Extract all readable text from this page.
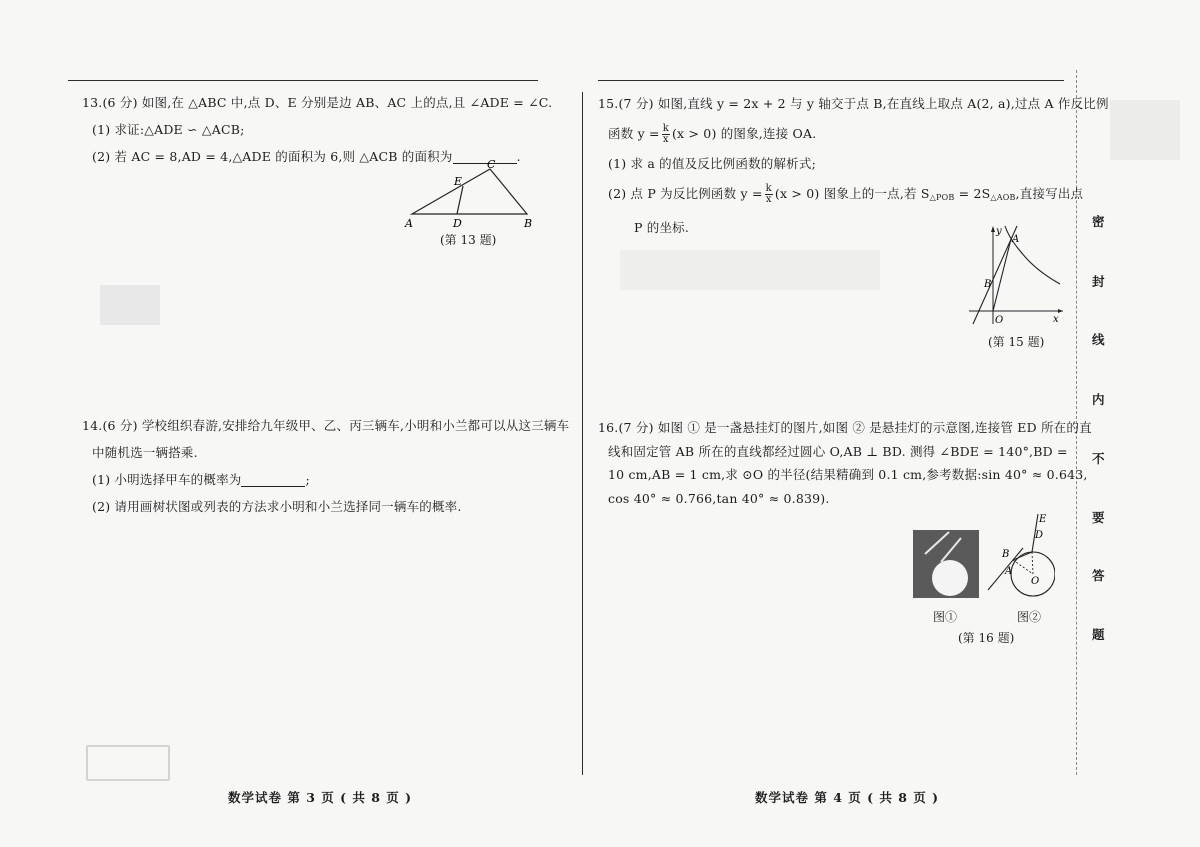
13.(6 分) 如图,在 △ABC 中,点 D、E 分别是边 AB、AC 上的点,且 ∠ADE = ∠C.

(1) 求证:△ADE ∽ △ACB;

(2) 若 AC = 8,AD = 4,△ADE 的面积为 6,则 △ACB 的面积为	.

A	B
C
D
E
(第 13 题)

14.(6 分) 学校组织春游,安排给九年级甲、乙、丙三辆车,小明和小兰都可以从这三辆车

中随机选一辆搭乘.

(1) 小明选择甲车的概率为	;

(2) 请用画树状图或列表的方法求小明和小兰选择同一辆车的概率.

15.(7 分) 如图,直线 y = 2x + 2 与 y 轴交于点 B,在直线上取点 A(2, a),过点 A 作反比例

函数 $y = \frac{k}{x} (x > 0)$ 的图象,连接 OA.

(1) 求 a 的值及反比例函数的解析式;

(2) 点 P 为反比例函数 $y = \frac{k}{x} (x > 0)$ 图象上的一点,若 $S_{\triangle POB} = 2S_{\triangle AOB}$,直接写出点

P 的坐标.	y
x
A
B
O
(第 15 题)

16.(7 分) 如图 ① 是一盏悬挂灯的图片,如图 ② 是悬挂灯的示意图,连接管 ED 所在的直

线和固定管 AB 所在的直线都经过圆心 O,AB ⊥ BD. 测得 ∠BDE = 140°,BD =

10 cm,AB = 1 cm,求 ⊙O 的半径(结果精确到 0.1 cm,参考数据:sin 40° ≈ 0.643,

cos 40° ≈ 0.766,tan 40° ≈ 0.839).

E
D
B
A
O
图①	图②
(第 16 题)
数学试卷 第 3 页 ( 共 8 页 )	数学试卷 第 4 页 ( 共 8 页 )
密
封
线
内
不
要
答
题
